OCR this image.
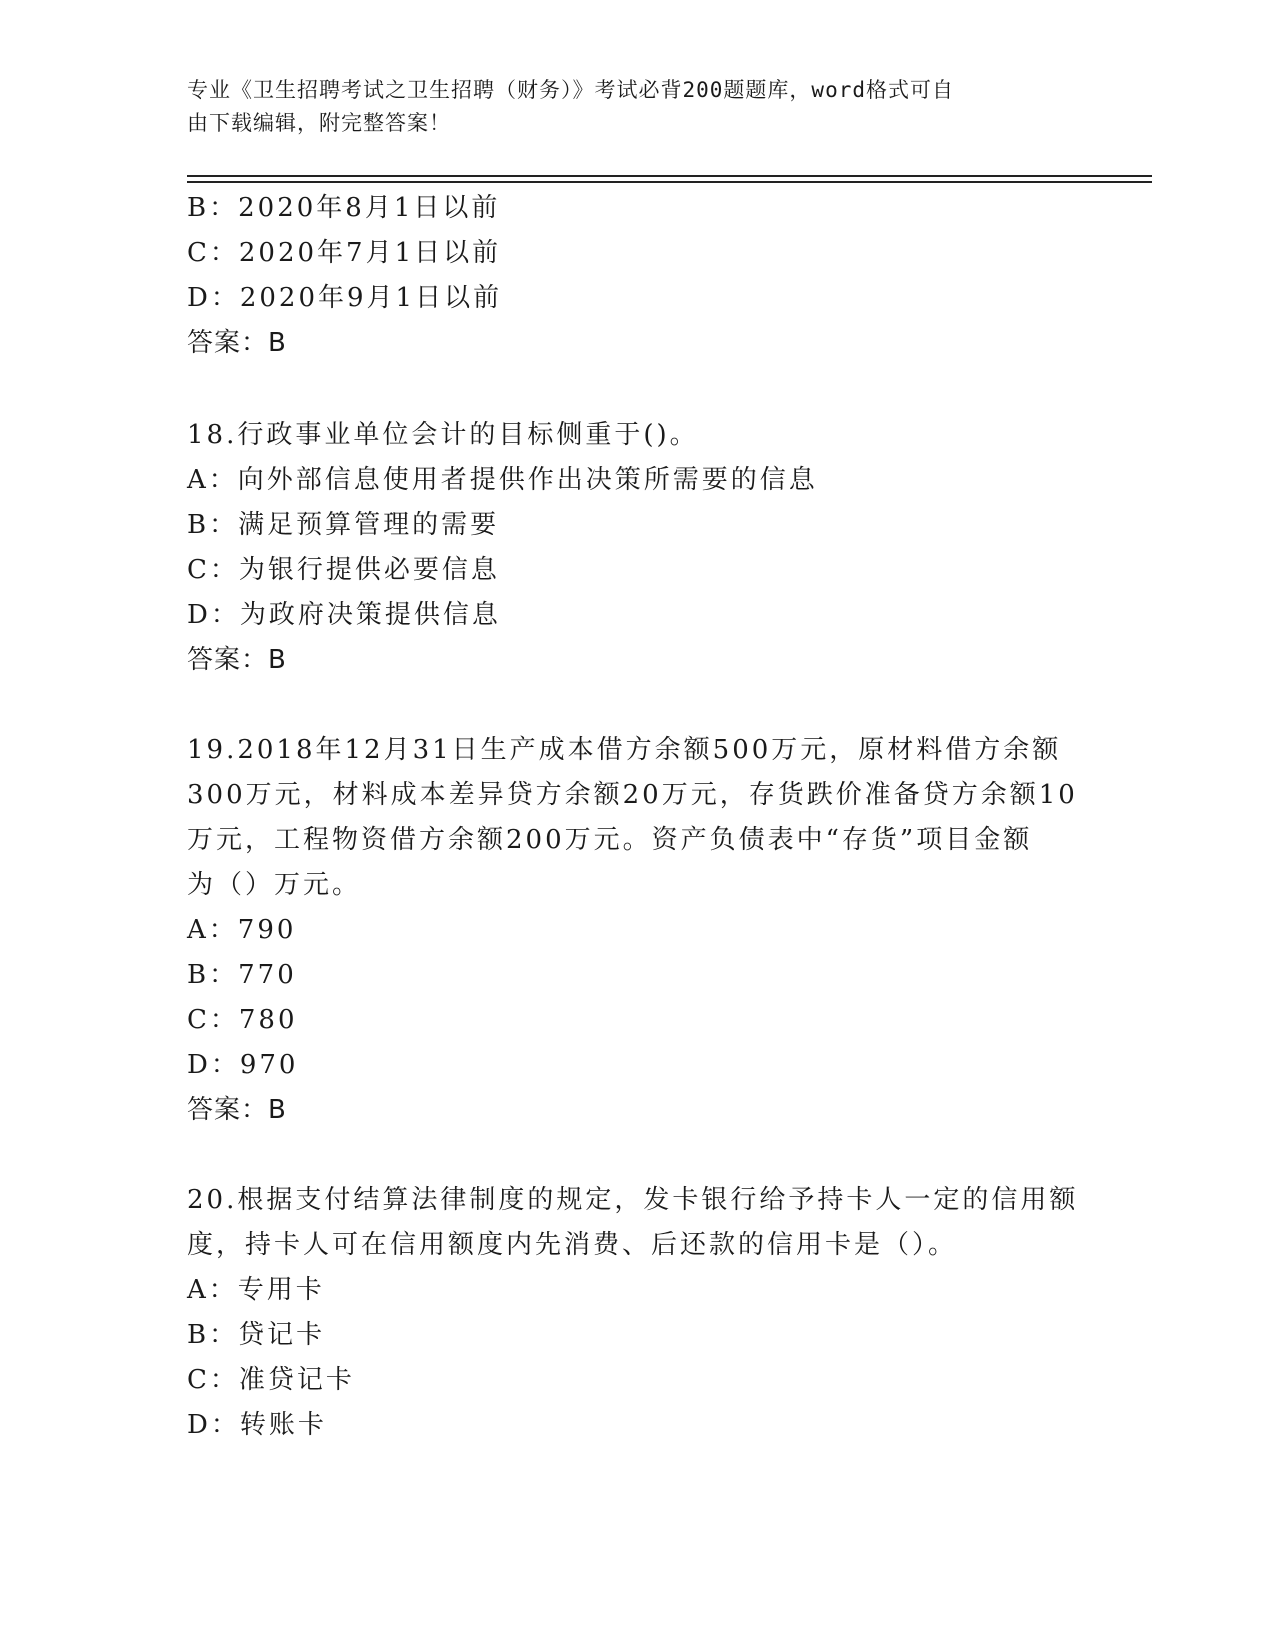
专业《卫生招聘考试之卫生招聘（财务）》考试必背200题题库，word格式可自
由下载编辑，附完整答案！
B：2020年8月1日以前
C：2020年7月1日以前
D：2020年9月1日以前
答案：B
18.行政事业单位会计的目标侧重于()。
A：向外部信息使用者提供作出决策所需要的信息
B：满足预算管理的需要
C：为银行提供必要信息
D：为政府决策提供信息
答案：B
19.2018年12月31日生产成本借方余额500万元，原材料借方余额
300万元，材料成本差异贷方余额20万元，存货跌价准备贷方余额10
万元，工程物资借方余额200万元。资产负债表中“存货”项目金额
为（）万元。
A：790
B：770
C：780
D：970
答案：B
20.根据支付结算法律制度的规定，发卡银行给予持卡人一定的信用额
度，持卡人可在信用额度内先消费、后还款的信用卡是（）。
A：专用卡
B：贷记卡
C：准贷记卡
D：转账卡
